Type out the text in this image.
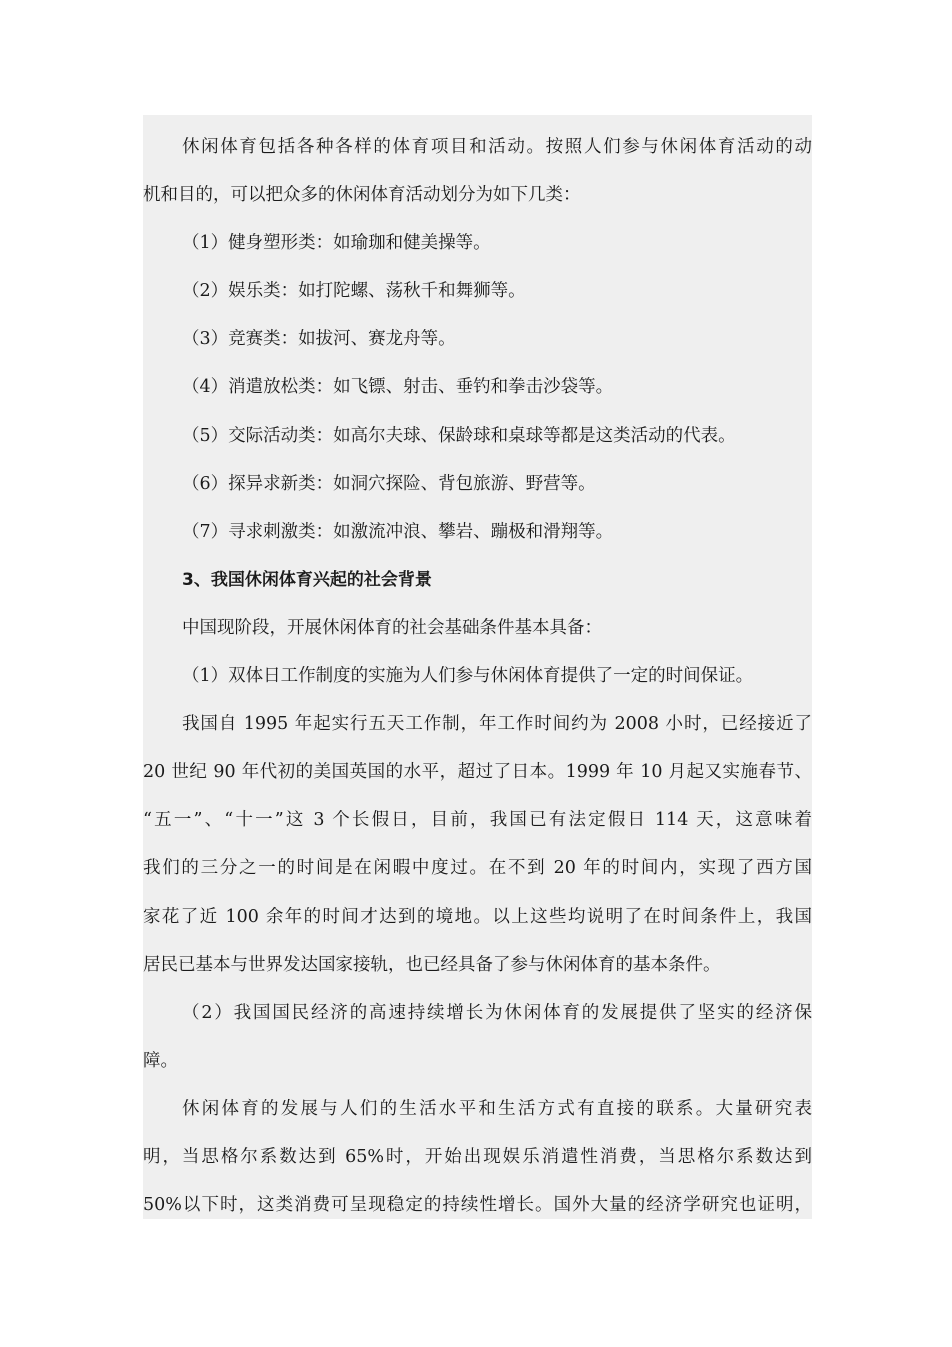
休闲体育包括各种各样的体育项目和活动。按照人们参与休闲体育活动的动
机和目的，可以把众多的休闲体育活动划分为如下几类：
（1）健身塑形类：如瑜珈和健美操等。
（2）娱乐类：如打陀螺、荡秋千和舞狮等。
（3）竞赛类：如拔河、赛龙舟等。
（4）消遣放松类：如飞镖、射击、垂钓和拳击沙袋等。
（5）交际活动类：如高尔夫球、保龄球和桌球等都是这类活动的代表。
（6）探异求新类：如洞穴探险、背包旅游、野营等。
（7）寻求刺激类：如激流冲浪、攀岩、蹦极和滑翔等。
3、我国休闲体育兴起的社会背景
中国现阶段，开展休闲体育的社会基础条件基本具备：
（1）双体日工作制度的实施为人们参与休闲体育提供了一定的时间保证。
我国自 1995 年起实行五天工作制，年工作时间约为 2008 小时，已经接近了
20 世纪 90 年代初的美国英国的水平，超过了日本。1999 年 10 月起又实施春节、
“五一”、“十一”这 3 个长假日，目前，我国已有法定假日 114 天，这意味着
我们的三分之一的时间是在闲暇中度过。在不到 20 年的时间内，实现了西方国
家花了近 100 余年的时间才达到的境地。以上这些均说明了在时间条件上，我国
居民已基本与世界发达国家接轨，也已经具备了参与休闲体育的基本条件。
（2）我国国民经济的高速持续增长为休闲体育的发展提供了坚实的经济保
障。
休闲体育的发展与人们的生活水平和生活方式有直接的联系。大量研究表
明，当思格尔系数达到 65%时，开始出现娱乐消遣性消费，当思格尔系数达到
50%以下时，这类消费可呈现稳定的持续性增长。国外大量的经济学研究也证明，
